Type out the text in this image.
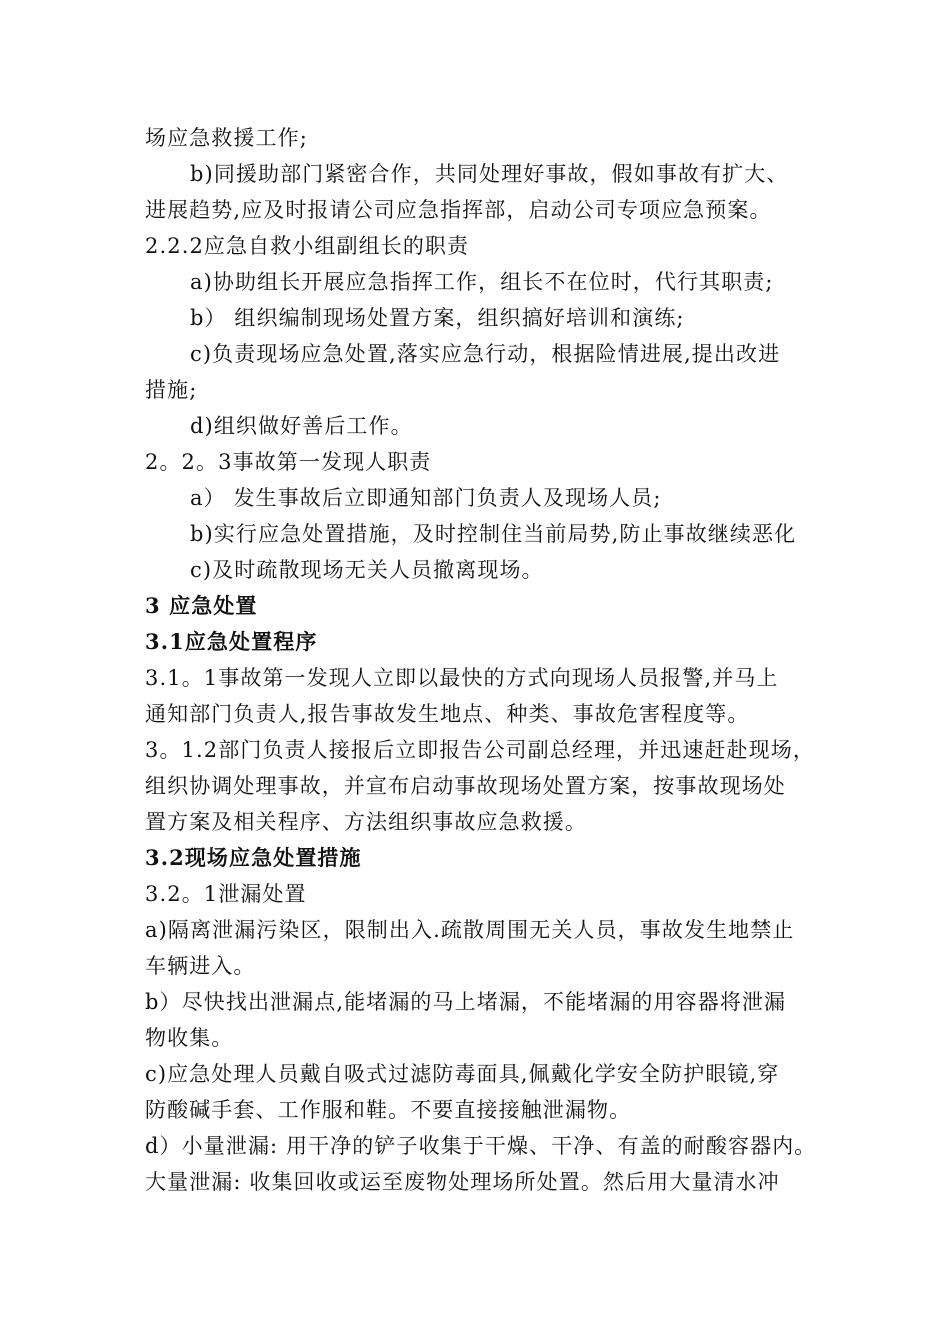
场应急救援工作;
b)同援助部门紧密合作，共同处理好事故，假如事故有扩大、
进展趋势,应及时报请公司应急指挥部，启动公司专项应急预案。
2.2.2应急自救小组副组长的职责
a)协助组长开展应急指挥工作，组长不在位时，代行其职责;
b） 组织编制现场处置方案，组织搞好培训和演练;
c)负责现场应急处置,落实应急行动，根据险情进展,提出改进
措施;
d)组织做好善后工作。
2。2。3事故第一发现人职责
a） 发生事故后立即通知部门负责人及现场人员;
b)实行应急处置措施，及时控制住当前局势,防止事故继续恶化
c)及时疏散现场无关人员撤离现场。
3 应急处置
3.1应急处置程序
3.1。1事故第一发现人立即以最快的方式向现场人员报警,并马上
通知部门负责人,报告事故发生地点、种类、事故危害程度等。
3。1.2部门负责人接报后立即报告公司副总经理，并迅速赶赴现场，
组织协调处理事故，并宣布启动事故现场处置方案，按事故现场处
置方案及相关程序、方法组织事故应急救援。
3.2现场应急处置措施
3.2。1泄漏处置
a)隔离泄漏污染区，限制出入.疏散周围无关人员，事故发生地禁止
车辆进入。
b）尽快找出泄漏点,能堵漏的马上堵漏，不能堵漏的用容器将泄漏
物收集。
c)应急处理人员戴自吸式过滤防毒面具,佩戴化学安全防护眼镜,穿
防酸碱手套、工作服和鞋。不要直接接触泄漏物。
d）小量泄漏: 用干净的铲子收集于干燥、干净、有盖的耐酸容器内。
大量泄漏: 收集回收或运至废物处理场所处置。然后用大量清水冲
